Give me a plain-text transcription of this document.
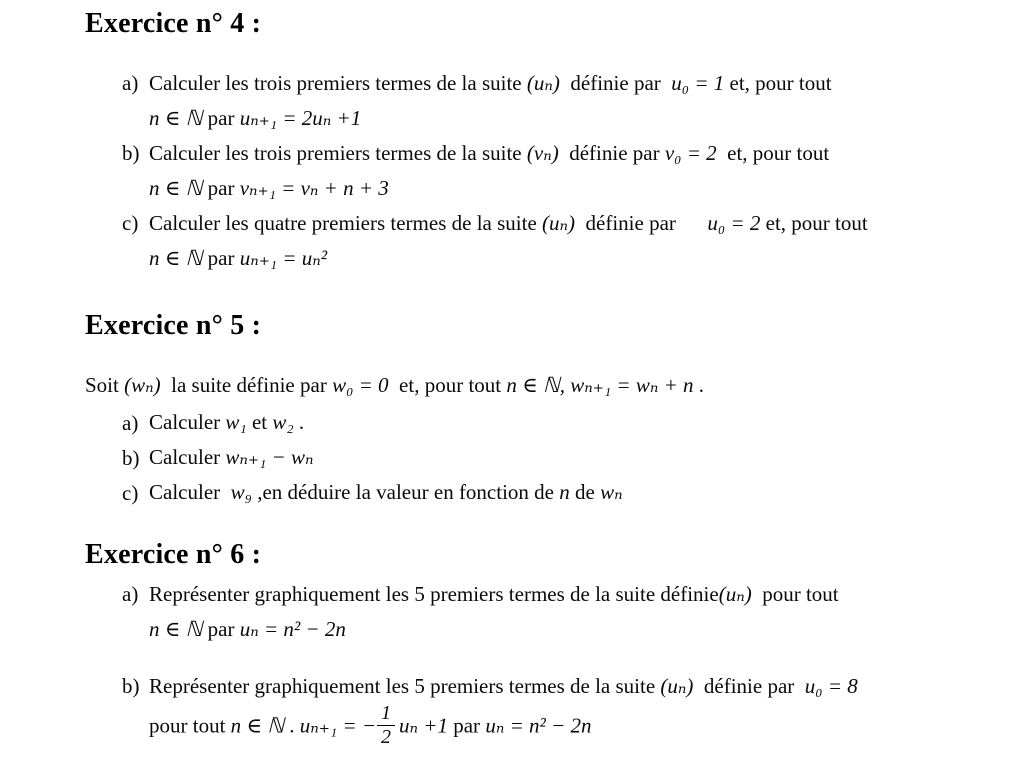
Exercice n° 4 :
a) Calculer les trois premiers termes de la suite (uₙ)  définie par  u₀ = 1 et, pour tout
n ∈ ℕ par uₙ₊₁ = 2uₙ +1
b) Calculer les trois premiers termes de la suite (vₙ)  définie par v₀ = 2  et, pour tout
n ∈ ℕ par vₙ₊₁ = vₙ + n + 3
c) Calculer les quatre premiers termes de la suite (uₙ)  définie par      u₀ = 2 et, pour tout
n ∈ ℕ par uₙ₊₁ = uₙ²
Exercice n° 5 :
Soit (wₙ)  la suite définie par w₀ = 0  et, pour tout n ∈ ℕ, wₙ₊₁ = wₙ + n .
a) Calculer w₁ et w₂ .
b) Calculer wₙ₊₁ − wₙ
c) Calculer  w₉ ,en déduire la valeur en fonction de n de wₙ
Exercice n° 6 :
a) Représenter graphiquement les 5 premiers termes de la suite définie(uₙ)  pour tout
n ∈ ℕ par uₙ = n² − 2n
b) Représenter graphiquement les 5 premiers termes de la suite (uₙ)  définie par  u₀ = 8
pour tout n ∈ ℕ . uₙ₊₁ = − $\frac{1}{2}$ uₙ +1 par uₙ = n² − 2n
